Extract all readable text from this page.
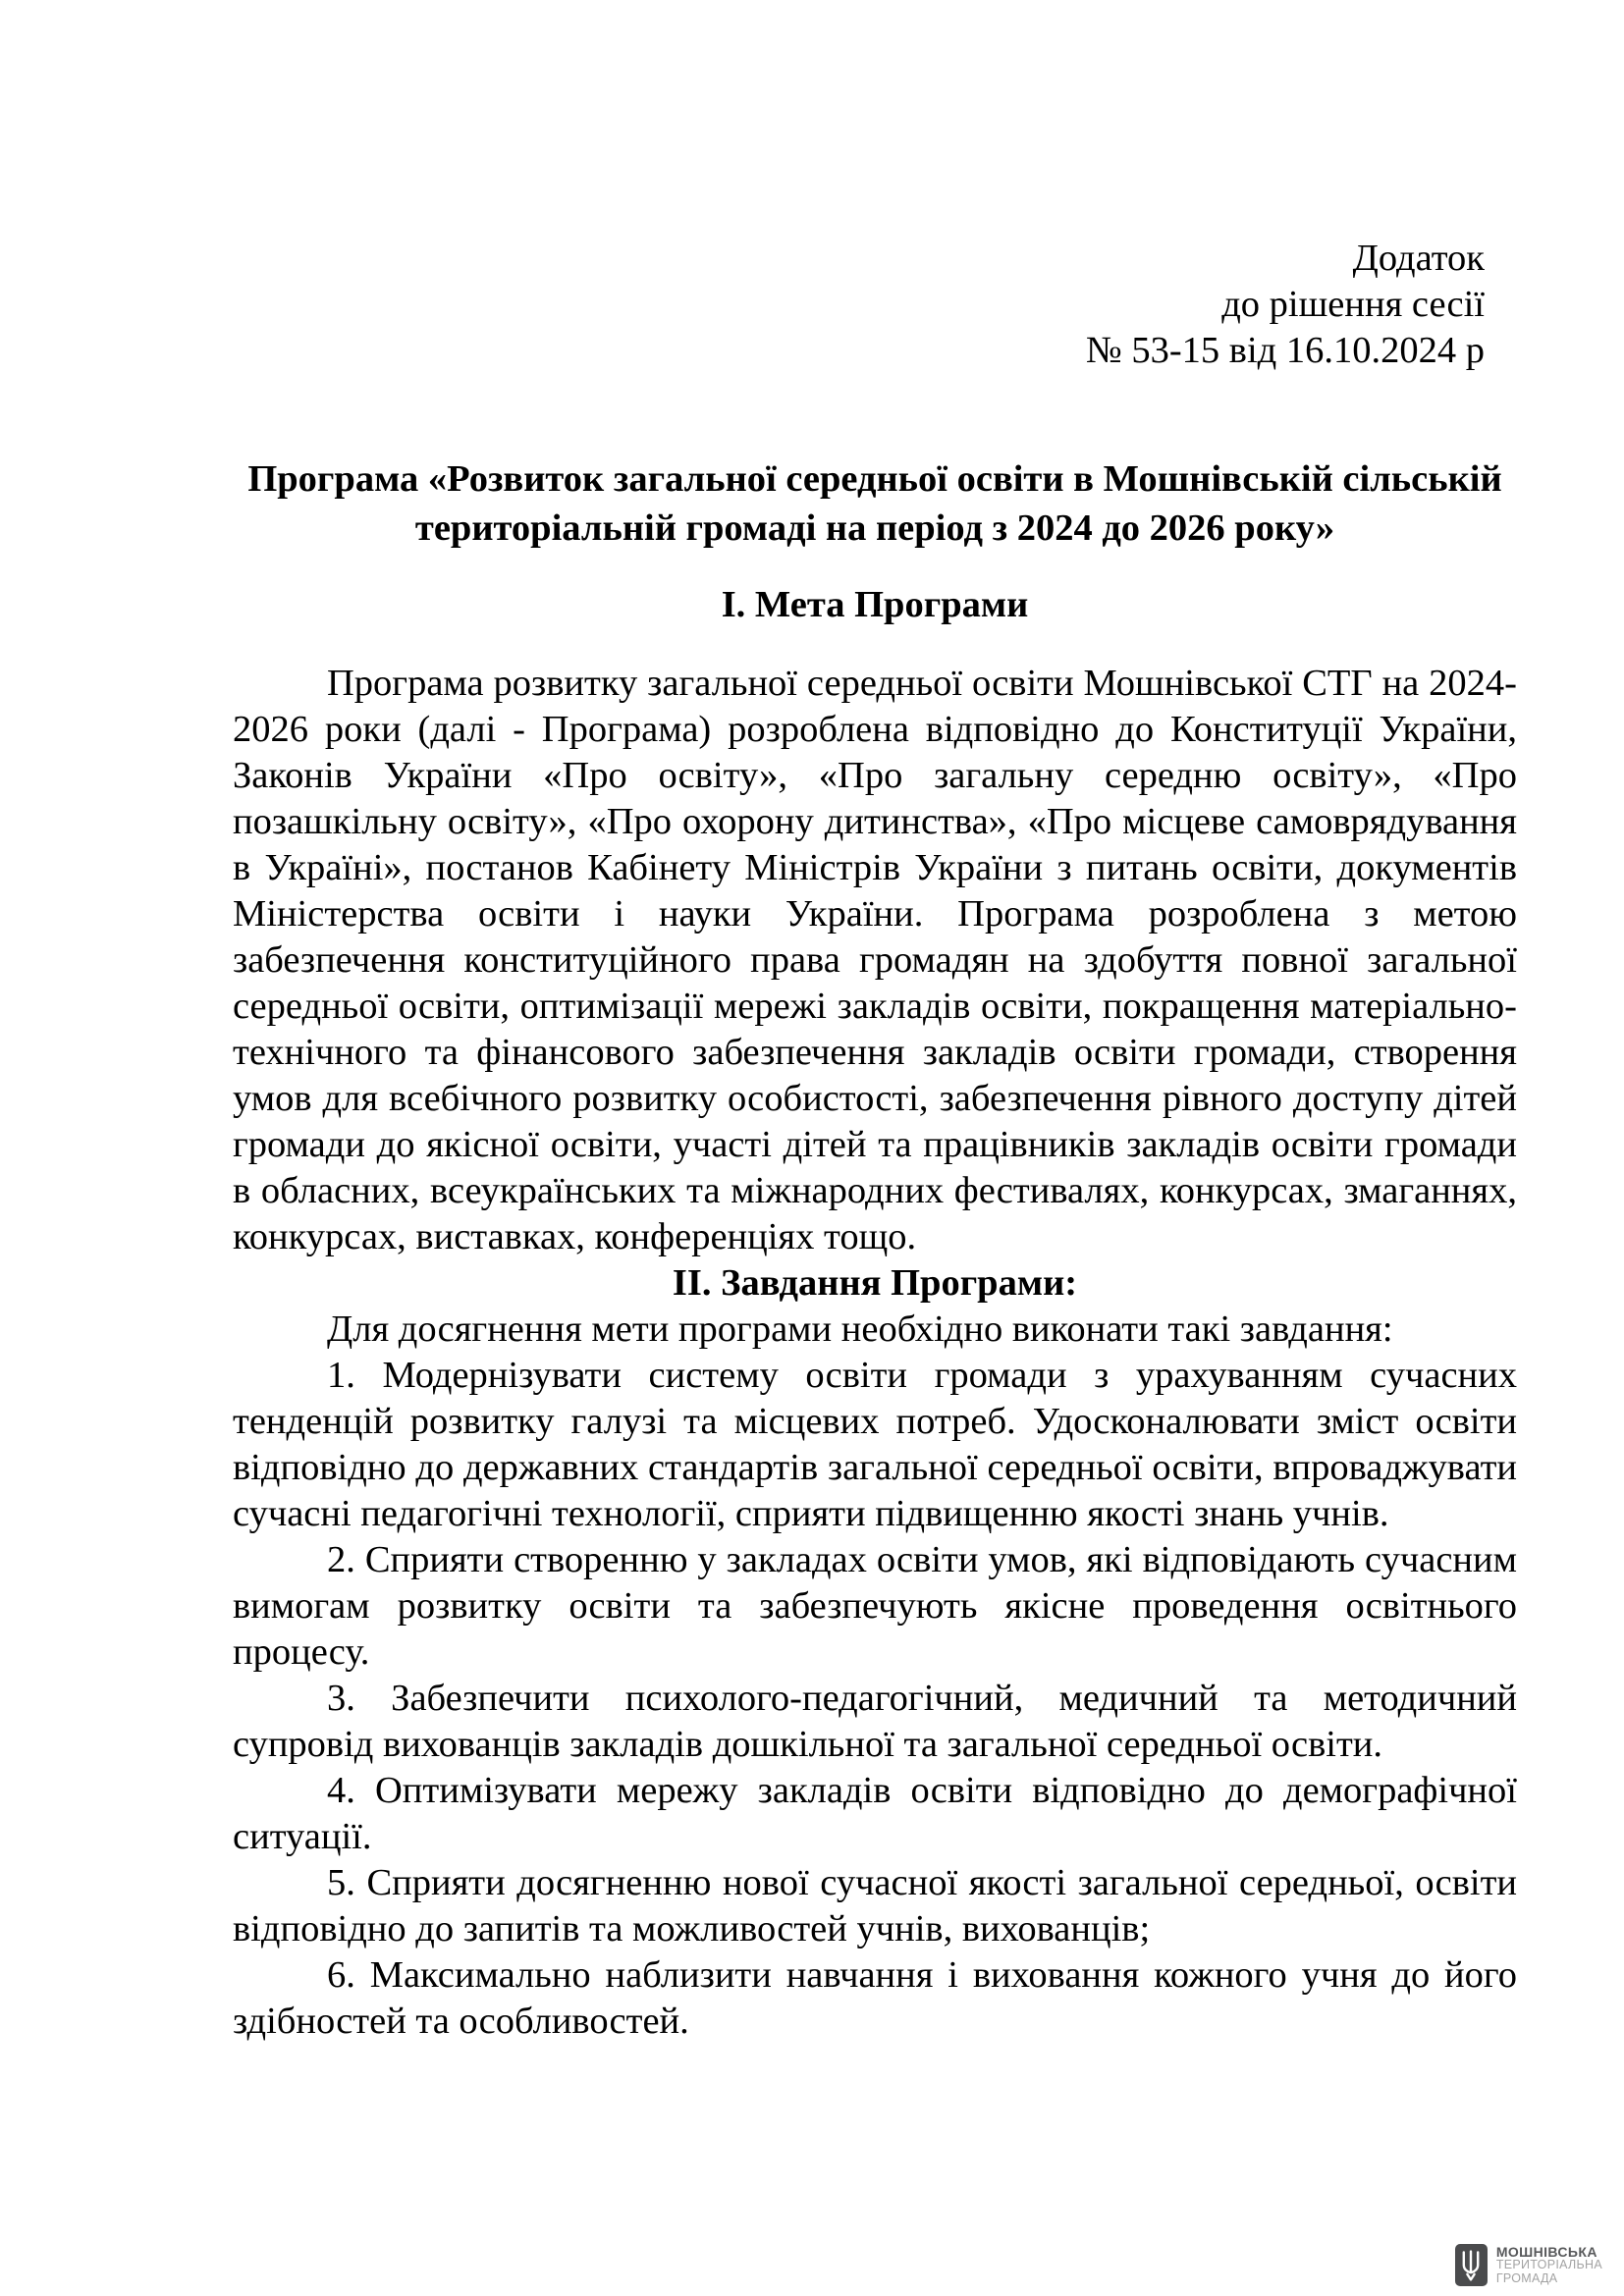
Додаток
до рішення сесії
№ 53-15 від 16.10.2024 р
Програма «Розвиток загальної середньої освіти в Мошнівській сільській територіальній громаді на період з 2024 до 2026 року»
І. Мета Програми

Програма розвитку загальної середньої освіти Мошнівської СТГ на 2024-2026 роки (далі - Програма) розроблена відповідно до Конституції України, Законів України «Про освіту», «Про загальну середню освіту», «Про позашкільну освіту», «Про охорону дитинства», «Про місцеве самоврядування в Україні», постанов Кабінету Міністрів України з питань освіти, документів Міністерства освіти і науки України. Програма розроблена з метою забезпечення конституційного права громадян на здобуття повної загальної середньої освіти, оптимізації мережі закладів освіти, покращення матеріально-технічного та фінансового забезпечення закладів освіти громади, створення умов для всебічного розвитку особистості, забезпечення рівного доступу дітей громади до якісної освіти, участі дітей та працівників закладів освіти громади в обласних, всеукраїнських та міжнародних фестивалях, конкурсах, змаганнях, конкурсах, виставках, конференціях тощо.

ІІ. Завдання Програми:

Для досягнення мети програми необхідно виконати такі завдання:

1. Модернізувати систему освіти громади з урахуванням сучасних тенденцій розвитку галузі та місцевих потреб. Удосконалювати зміст освіти відповідно до державних стандартів загальної середньої освіти, впроваджувати сучасні педагогічні технології, сприяти підвищенню якості знань учнів.

2. Сприяти створенню у закладах освіти умов, які відповідають сучасним вимогам розвитку освіти та забезпечують якісне проведення освітнього процесу.

3. Забезпечити психолого-педагогічний, медичний та методичний супровід вихованців закладів дошкільної та загальної середньої освіти.

4. Оптимізувати мережу закладів освіти відповідно до демографічної ситуації.

5. Сприяти досягненню нової сучасної якості загальної середньої, освіти відповідно до запитів та можливостей учнів, вихованців;

6. Максимально наблизити навчання і виховання кожного учня до його здібностей та особливостей.

МОШНІВСЬКА
ТЕРИТОРІАЛЬНА
ГРОМАДА
